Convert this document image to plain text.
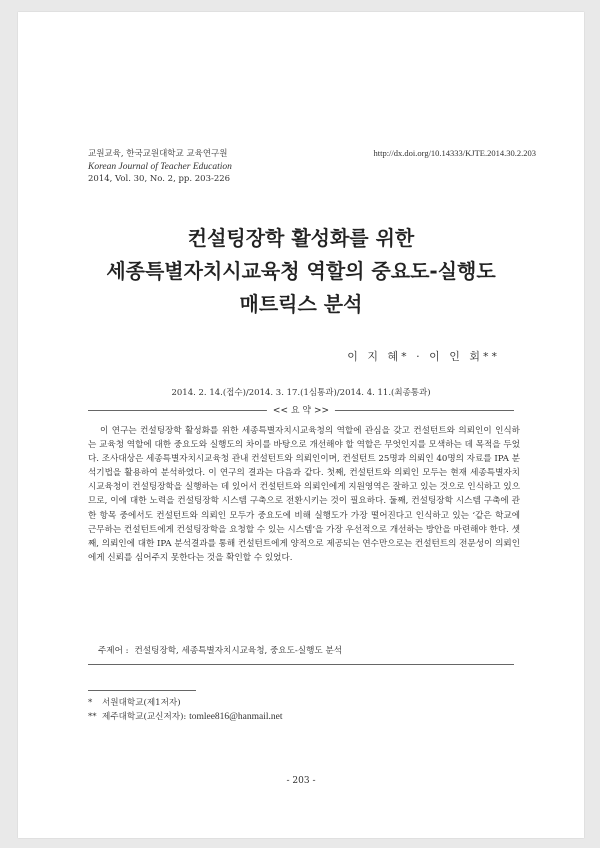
교원교육, 한국교원대학교 교육연구원
Korean Journal of Teacher Education
2014, Vol. 30, No. 2, pp. 203-226
http://dx.doi.org/10.14333/KJTE.2014.30.2.203
컨설팅장학 활성화를 위한
세종특별자치시교육청 역할의 중요도-실행도
매트릭스 분석
이 지 혜* · 이 인 회**
2014. 2. 14.(접수)/2014. 3. 17.(1심통과)/2014. 4. 11.(최종통과)
<< 요 약 >>
이 연구는 컨설팅장학 활성화를 위한 세종특별자치시교육청의 역할에 관심을 갖고 컨설턴트와 의뢰인이 인식하는 교육청 역할에 대한 중요도와 실행도의 차이를 바탕으로 개선해야 할 역할은 무엇인지를 모색하는 데 목적을 두었다. 조사대상은 세종특별자치시교육청 관내 컨설턴트와 의뢰인이며, 컨설턴트 25명과 의뢰인 40명의 자료를 IPA 분석기법을 활용하여 분석하였다. 이 연구의 결과는 다음과 같다. 첫째, 컨설턴트와 의뢰인 모두는 현재 세종특별자치시교육청이 컨설팅장학을 실행하는 데 있어서 컨설턴트와 의뢰인에게 지원영역은 잘하고 있는 것으로 인식하고 있으므로, 이에 대한 노력을 컨설팅장학 시스템 구축으로 전환시키는 것이 필요하다. 둘째, 컨설팅장학 시스템 구축에 관한 항목 중에서도 컨설턴트와 의뢰인 모두가 중요도에 비해 실행도가 가장 떨어진다고 인식하고 있는 ‘같은 학교에 근무하는 컨설턴트에게 컨설팅장학을 요청할 수 있는 시스템’을 가장 우선적으로 개선하는 방안을 마련해야 한다. 셋째, 의뢰인에 대한 IPA 분석결과를 통해 컨설턴트에게 양적으로 제공되는 연수만으로는 컨설턴트의 전문성이 의뢰인에게 신뢰를 심어주지 못한다는 것을 확인할 수 있었다.
주제어 : 컨설팅장학, 세종특별자치시교육청, 중요도-실행도 분석
* 서원대학교(제1저자)
** 제주대학교(교신저자): tomlee816@hanmail.net
- 203 -
